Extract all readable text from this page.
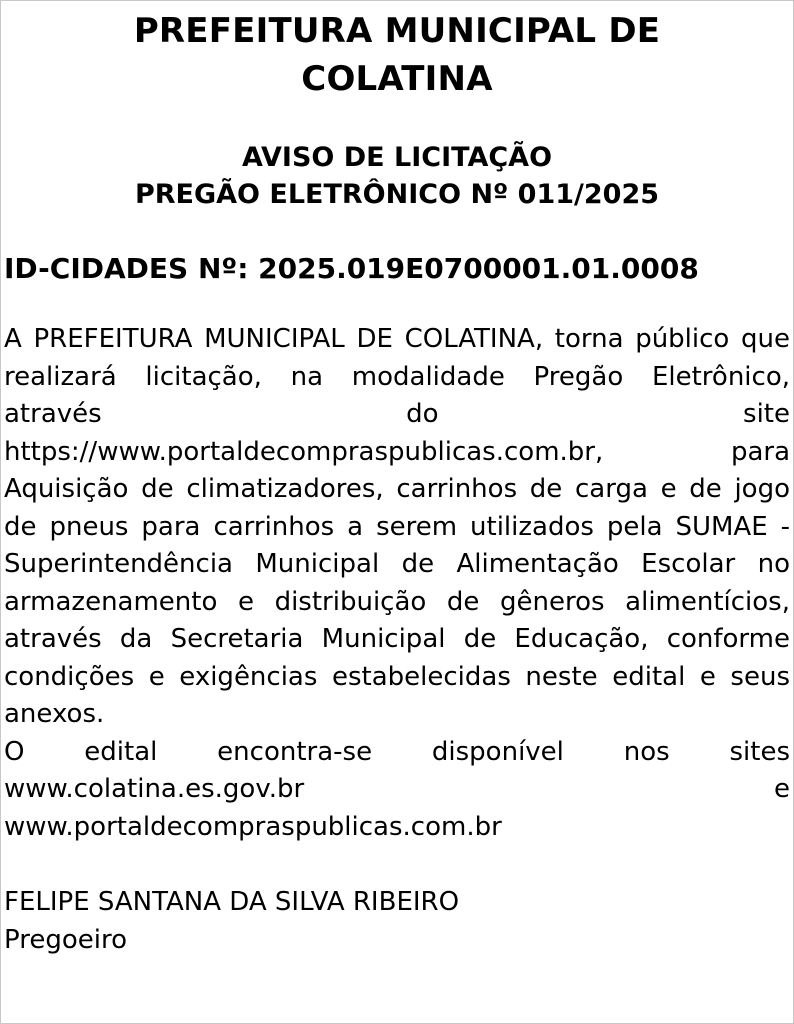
PREFEITURA MUNICIPAL DE
COLATINA
AVISO DE LICITAÇÃO
PREGÃO ELETRÔNICO Nº 011/2025
ID-CIDADES Nº: 2025.019E0700001.01.0008

A PREFEITURA MUNICIPAL DE COLATINA, torna público que realizará licitação, na modalidade Pregão Eletrônico, através do site https://www.portaldecompraspublicas.com.br,	para Aquisição de climatizadores, carrinhos de carga e de jogo de pneus para carrinhos a serem utilizados pela SUMAE - Superintendência Municipal de Alimentação Escolar no armazenamento e distribuição de gêneros alimentícios, através da Secretaria Municipal de Educação, conforme condições e exigências estabelecidas neste edital e seus anexos.

O edital encontra-se disponível nos sites www.colatina.es.gov.br	e www.portaldecompraspublicas.com.br

FELIPE SANTANA DA SILVA RIBEIRO
Pregoeiro
